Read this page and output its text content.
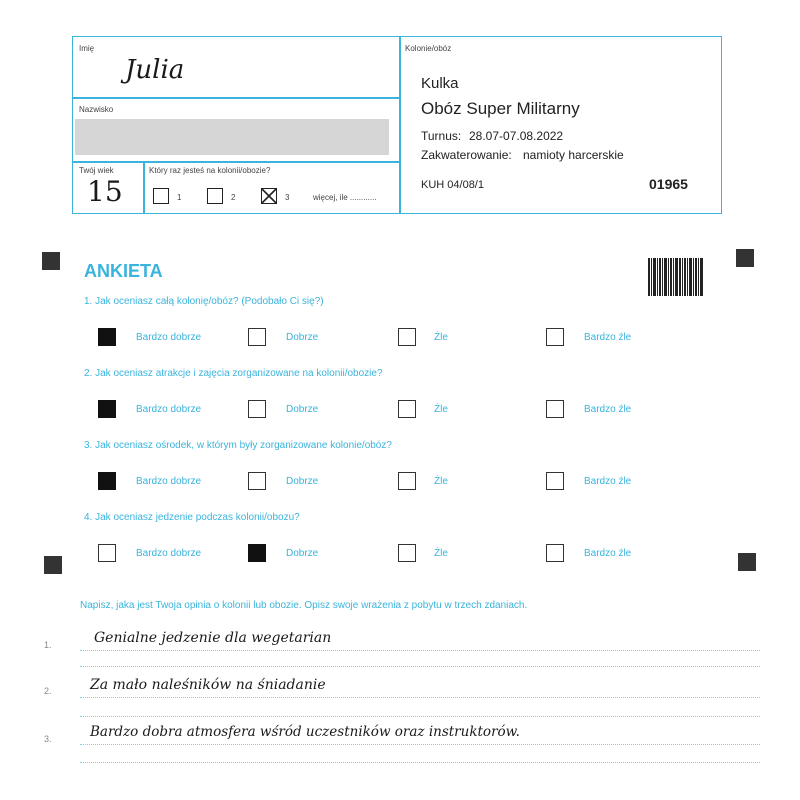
Imię
Julia
Nazwisko
Twój wiek
15
Który raz jesteś na kolonii/obozie?
1	2	3	więcej, ile ............
Kolonie/obóz
Kulka
Obóz Super Militarny
Turnus: 28.07-07.08.2022
Zakwaterowanie: namioty harcerskie
KUH 04/08/1	01965
ANKIETA
1. Jak oceniasz całą kolonię/obóz? (Podobało Ci się?)
Bardzo dobrze	Dobrze	Źle	Bardzo źle
2. Jak oceniasz atrakcje i zajęcia zorganizowane na kolonii/obozie?
Bardzo dobrze	Dobrze	Źle	Bardzo źle
3. Jak oceniasz ośrodek, w którym były zorganizowane kolonie/obóz?
Bardzo dobrze	Dobrze	Źle	Bardzo źle
4. Jak oceniasz jedzenie podczas kolonii/obozu?
Bardzo dobrze	Dobrze	Źle	Bardzo źle
Napisz, jaka jest Twoja opinia o kolonii lub obozie. Opisz swoje wrażenia z pobytu w trzech zdaniach.
1.	Genialne jedzenie dla wegetarian
2.	Za mało naleśników na śniadanie
3.	Bardzo dobra atmosfera wśród uczestników oraz instruktorów.
